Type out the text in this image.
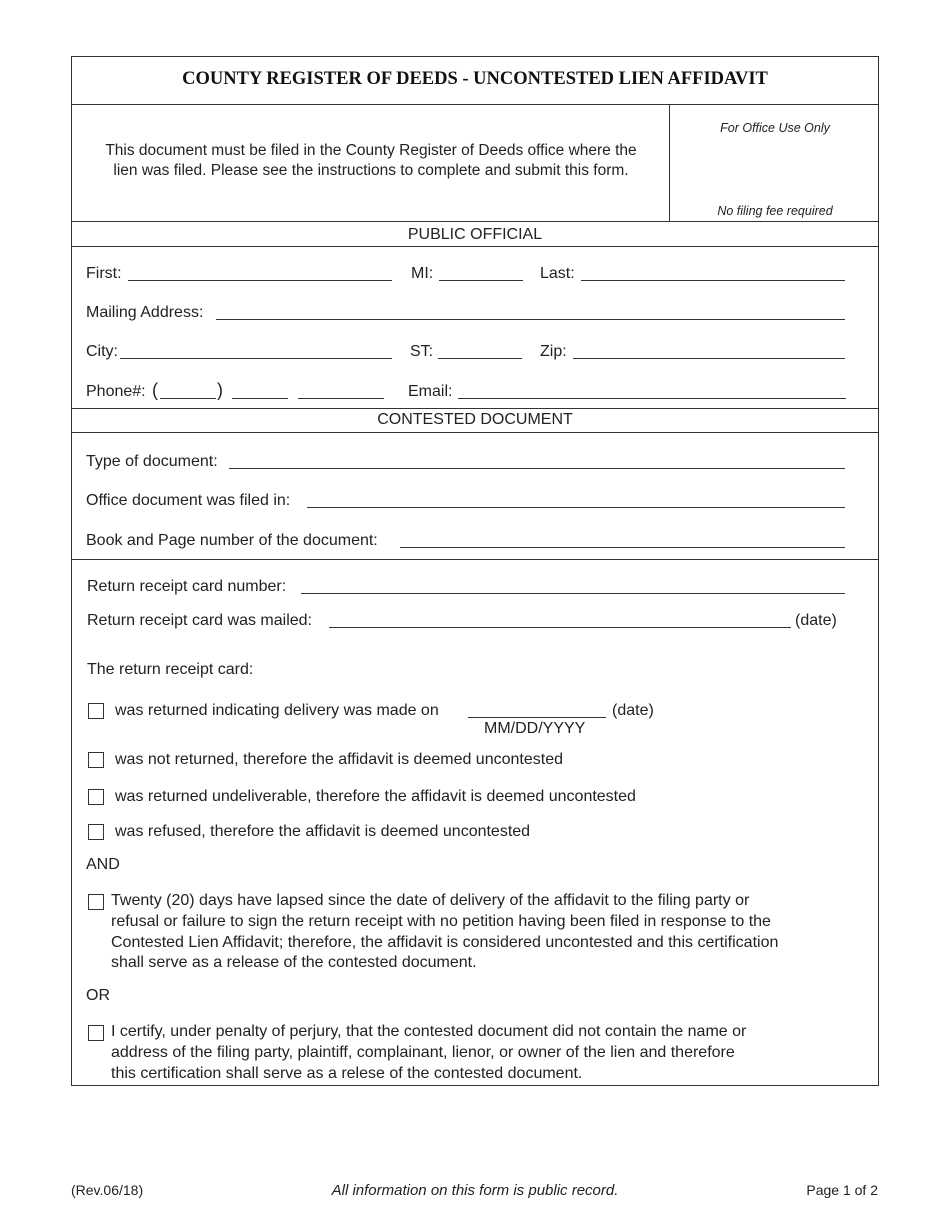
COUNTY REGISTER OF DEEDS - UNCONTESTED LIEN AFFIDAVIT
This document must be filed in the County Register of Deeds office where the
lien was filed. Please see the instructions to complete and submit this form.
For Office Use Only
No filing fee required
PUBLIC OFFICIAL
First:	MI:	Last:
Mailing Address:
City:	ST:	Zip:
Phone#: (	)	Email:
CONTESTED DOCUMENT
Type of document:
Office document was filed in:
Book and Page number of the document:
Return receipt card number:
Return receipt card was mailed:	(date)
The return receipt card:
was returned indicating delivery was made on	(date)
MM/DD/YYYY
was not returned, therefore the affidavit is deemed uncontested
was returned undeliverable, therefore the affidavit is deemed uncontested
was refused, therefore the affidavit is deemed uncontested
AND
Twenty (20) days have lapsed since the date of delivery of the affidavit to the filing party or
refusal or failure to sign the return receipt with no petition having been filed in response to the
Contested Lien Affidavit; therefore, the affidavit is considered uncontested and this certification
shall serve as a release of the contested document.
OR
I certify, under penalty of perjury, that the contested document did not contain the name or
address of the filing party, plaintiff, complainant, lienor, or owner of the lien and therefore
this certification shall serve as a relese of the contested document.
(Rev.06/18)	All information on this form is public record.	Page 1 of 2
